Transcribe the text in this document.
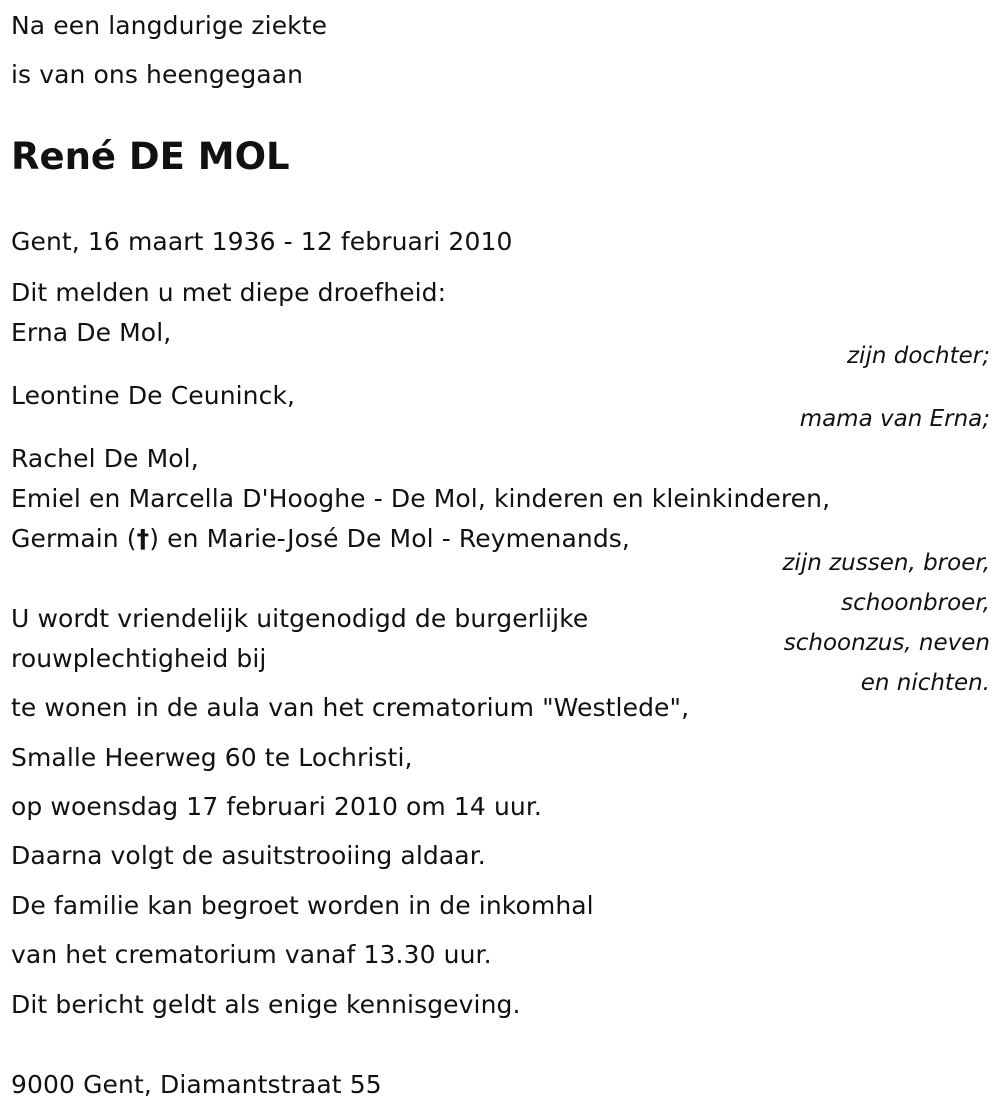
Na een langdurige ziekte
is van ons heengegaan
René DE MOL
Gent, 16 maart 1936 - 12 februari 2010
Dit melden u met diepe droefheid:
Erna De Mol,
zijn dochter;
Leontine De Ceuninck,
mama van Erna;
Rachel De Mol,
Emiel en Marcella D'Hooghe - De Mol, kinderen en kleinkinderen,
Germain (†) en Marie-José De Mol - Reymenands,
zijn zussen, broer,
schoonbroer,
schoonzus, neven
en nichten.
U wordt vriendelijk uitgenodigd de burgerlijke
rouwplechtigheid bij
te wonen in de aula van het crematorium "Westlede",
Smalle Heerweg 60 te Lochristi,
op woensdag 17 februari 2010 om 14 uur.
Daarna volgt de asuitstrooiing aldaar.
De familie kan begroet worden in de inkomhal
van het crematorium vanaf 13.30 uur.
Dit bericht geldt als enige kennisgeving.
9000 Gent, Diamantstraat 55
